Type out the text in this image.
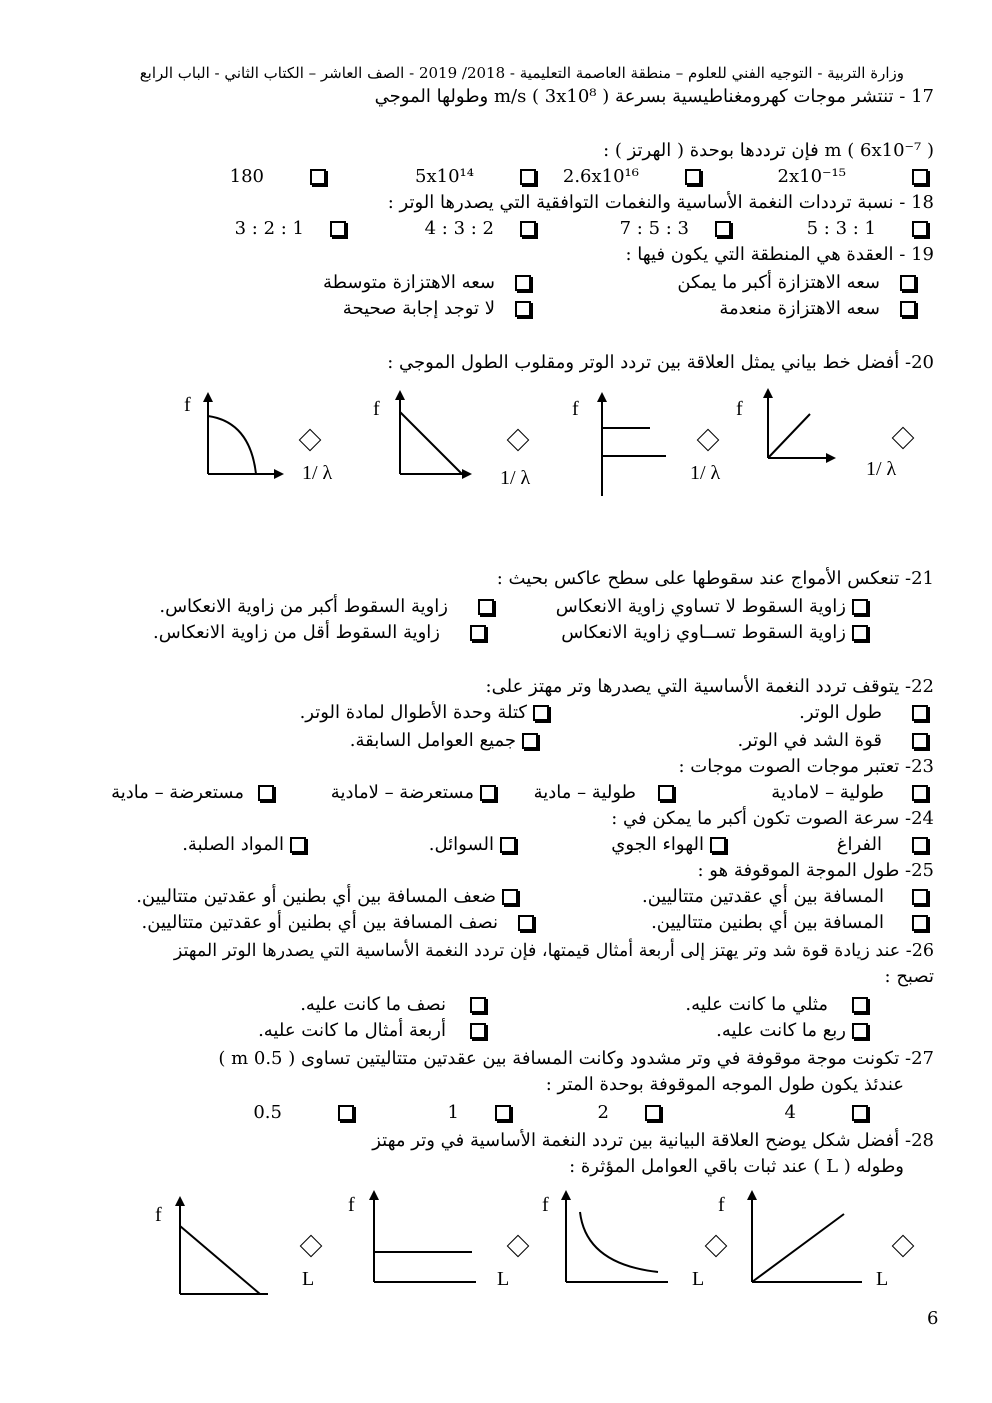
وزارة التربية - التوجيه الفني للعلوم – منطقة العاصمة التعليمية - 2018/ 2019 - الصف العاشر – الكتاب الثاني - الباب الرابع
17 - تنتشر موجات كهرومغناطيسية بسرعة ( 3x10⁸ ) m/s وطولها الموجي
( 6x10⁻⁷ ) m فإن ترددها بوحدة ( الهرتز ) :
2x10⁻¹⁵
2.6x10¹⁶
5x10¹⁴
180
18 - نسبة ترددات النغمة الأساسية والنغمات التوافقية التي يصدرها الوتر :
1 : 3 : 5
3 : 5 : 7
2 : 3 : 4
1 : 2 : 3
19 - العقدة هي المنطقة التي يكون فيها :
سعه الاهتزازة أكبر ما يمكن
سعه الاهتزازة متوسطة
سعه الاهتزازة منعدمة
لا توجد إجابة صحيحة
20- أفضل خط بياني يمثل العلاقة بين تردد الوتر ومقلوب الطول الموجي :
f
1/ λ
f
1/ λ
f
1/ λ
f
1/ λ
21- تنعكس الأمواج عند سقوطها على سطح عاكس بحيث :
زاوية السقوط لا تساوي زاوية الانعكاس
زاوية السقوط أكبر من زاوية الانعكاس.
زاوية السقوط تســاوي زاوية الانعكاس
زاوية السقوط أقل من زاوية الانعكاس.
22- يتوقف تردد النغمة الأساسية التي يصدرها وتر مهتز على:
طول الوتر.
كتلة وحدة الأطوال لمادة الوتر.
قوة الشد في الوتر.
جميع العوامل السابقة.
23- تعتبر موجات الصوت موجات :
طولية – لامادية
طولية – مادية
مستعرضة – لامادية
مستعرضة – مادية
24- سرعة الصوت تكون أكبر ما يمكن في :
الفراغ
الهواء الجوي
السوائل.
المواد الصلبة.
25- طول الموجة الموقوفة هو :
المسافة بين أي عقدتين متتاليين.
ضعف المسافة بين أي بطنين أو عقدتين متتاليين.
المسافة بين أي بطنين متتاليين.
نصف المسافة بين أي بطنين أو عقدتين متتاليين.
26- عند زيادة قوة شد وتر يهتز إلى أربعة أمثال قيمتها، فإن تردد النغمة الأساسية التي يصدرها الوتر المهتز
تصبح :
مثلي ما كانت عليه.
نصف ما كانت عليه.
ربع ما كانت عليه.
أربعة أمثال ما كانت عليه.
27- تكونت موجة موقوفة في وتر مشدود وكانت المسافة بين عقدتين متتاليتين تساوى ( 0.5 m )
عندئذ يكون طول الموجه الموقوفة بوحدة المتر :
4
2
1
0.5
28- أفضل شكل يوضح العلاقة البيانية بين تردد النغمة الأساسية في وتر مهتز
وطوله ( L ) عند ثبات باقي العوامل المؤثرة :
f
L
f
L
f
L
f
L
6
